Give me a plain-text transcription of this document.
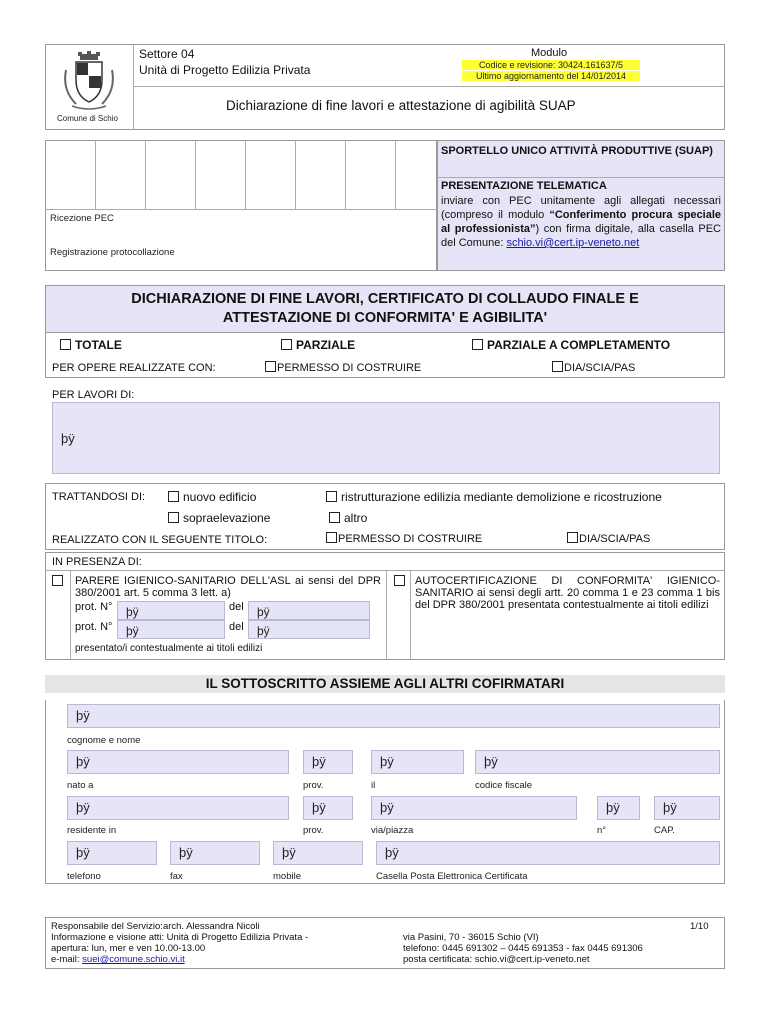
Comune di Schio
Settore 04
Unità di Progetto Edilizia Privata
Modulo
Codice e revisione: 30424.161637/5
Ultimo aggiornamento del 14/01/2014
Dichiarazione di fine lavori e attestazione di agibilità SUAP
Ricezione PEC
Registrazione protocollazione
SPORTELLO UNICO ATTIVITÀ PRODUTTIVE (SUAP)
PRESENTAZIONE TELEMATICA
inviare con PEC unitamente agli allegati necessari (compreso il modulo “Conferimento procura speciale al professionista”) con firma digitale, alla casella PEC del Comune: schio.vi@cert.ip-veneto.net
DICHIARAZIONE DI FINE LAVORI, CERTIFICATO DI COLLAUDO FINALE E
ATTESTAZIONE DI CONFORMITA' E AGIBILITA'
TOTALE	PARZIALE	PARZIALE A COMPLETAMENTO
PER OPERE REALIZZATE CON:	PERMESSO DI COSTRUIRE	DIA/SCIA/PAS
PER LAVORI DI:
þÿ
TRATTANDOSI DI:	nuovo edificio	ristrutturazione edilizia mediante demolizione e ricostruzione
sopraelevazione	altro
REALIZZATO CON IL SEGUENTE TITOLO:	PERMESSO DI COSTRUIRE	DIA/SCIA/PAS
IN PRESENZA DI:
PARERE IGIENICO-SANITARIO DELL'ASL ai sensi del DPR 380/2001 art. 5 comma 3 lett. a)
prot. N°	þÿ	del	þÿ
prot. N°	þÿ	del	þÿ
presentato/i contestualmente ai titoli edilizi
AUTOCERTIFICAZIONE DI CONFORMITA' IGIENICO-SANITARIO ai sensi degli artt. 20 comma 1 e 23 comma 1 bis del DPR 380/2001 presentata contestualmente ai titoli edilizi
IL SOTTOSCRITTO ASSIEME AGLI ALTRI COFIRMATARI
þÿ
cognome e nome
þÿ	þÿ	þÿ	þÿ
nato a	prov.	il	codice fiscale
þÿ	þÿ	þÿ	þÿ	þÿ
residente in	prov.	via/piazza	n°	CAP.
þÿ	þÿ	þÿ	þÿ
telefono	fax	mobile	Casella Posta Elettronica Certificata
Responsabile del Servizio:arch. Alessandra Nicoli
Informazione e visione atti: Unità di Progetto Edilizia Privata -
apertura: lun, mer e ven 10.00-13.00
e-mail: suei@comune.schio.vi.it
1/10
via Pasini, 70 - 36015 Schio (VI)
telefono: 0445 691302 – 0445 691353 - fax 0445 691306
posta certificata: schio.vi@cert.ip-veneto.net
